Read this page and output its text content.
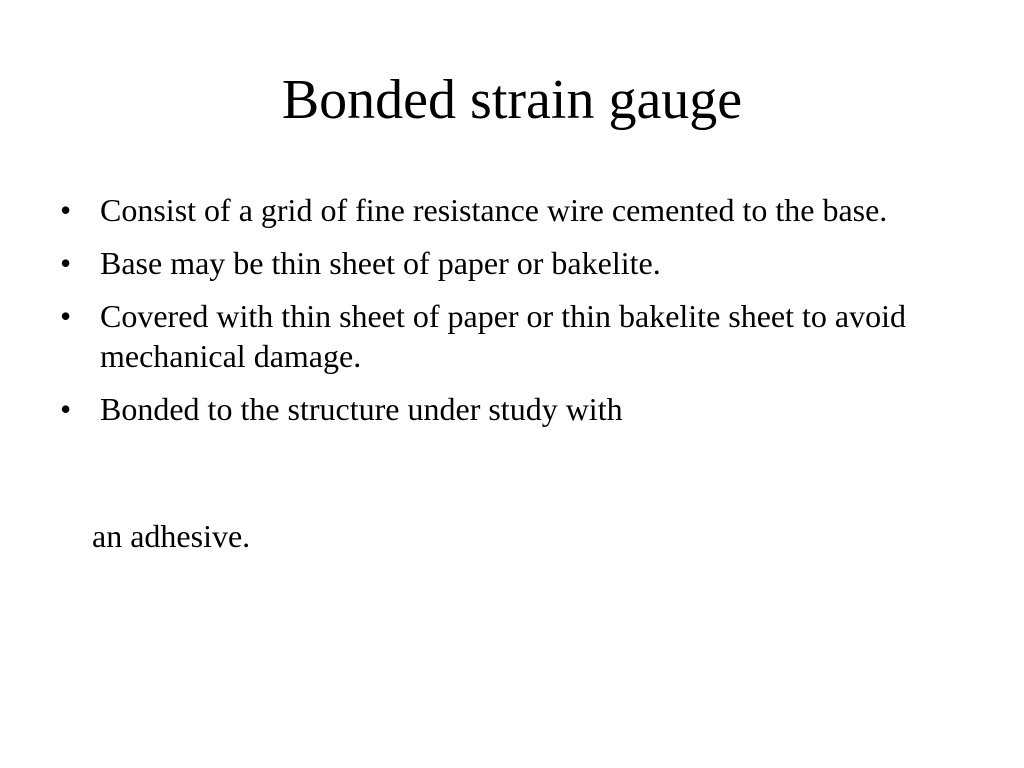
Bonded strain gauge
• Consist of a grid of fine resistance wire cemented to the base.
• Base may be thin sheet of paper or bakelite.
• Covered with thin sheet of paper or thin bakelite sheet to avoid mechanical damage.
• Bonded to the structure under study with

an adhesive.
